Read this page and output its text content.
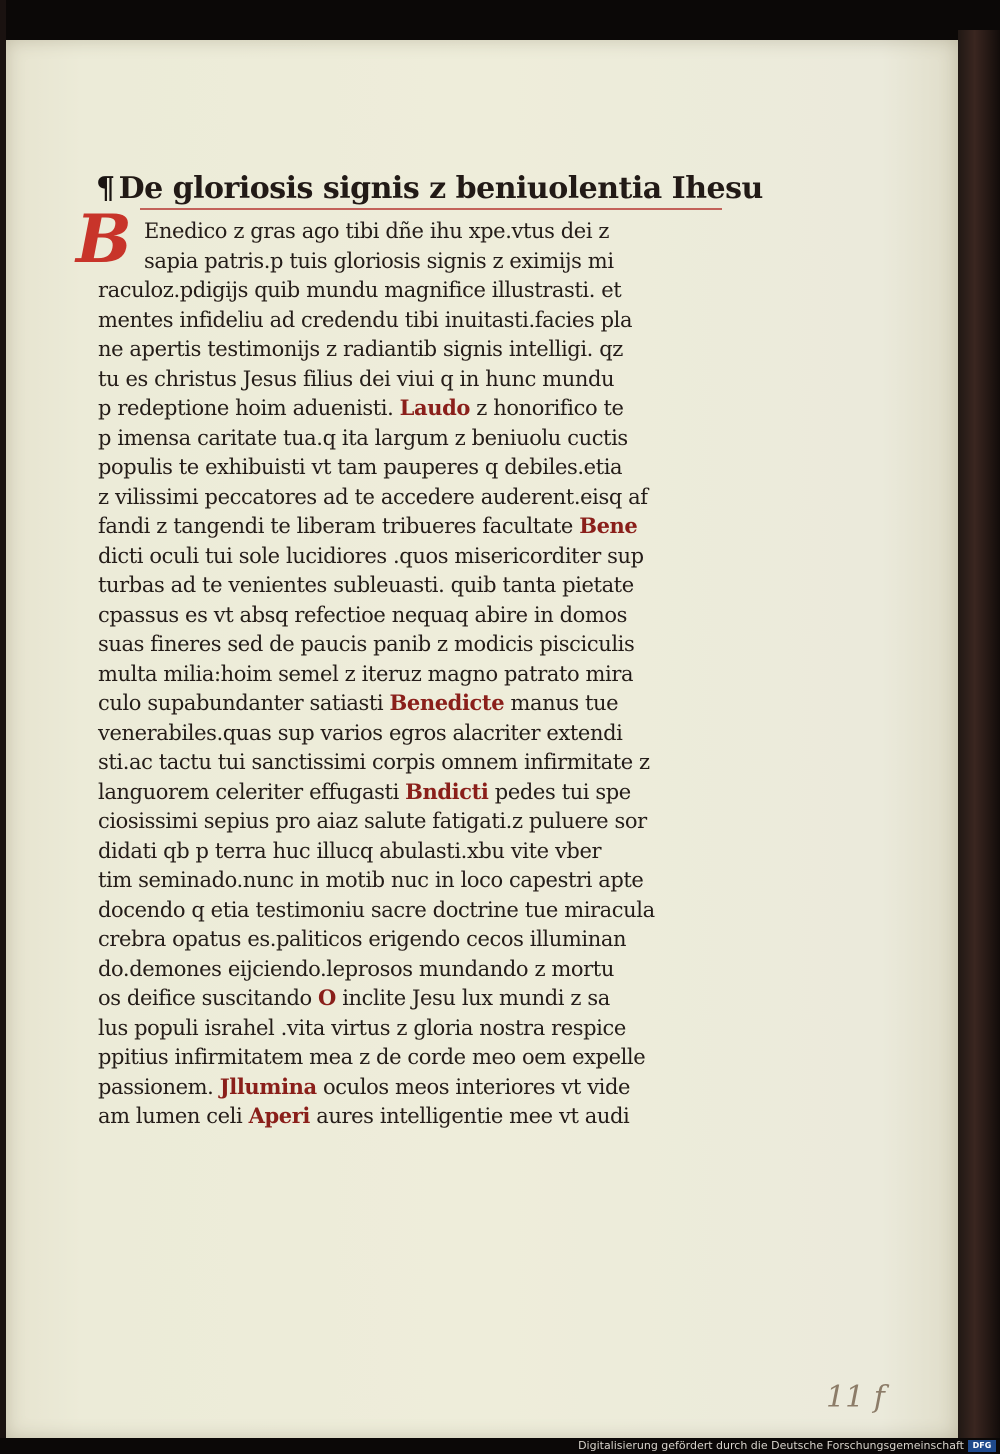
¶ De gloriosis signis z beniuolentia Ihesu
B Enedico z gras ago tibi dñe ihu xpe.vtus dei z
sapia patris.p tuis gloriosis signis z eximijs mi
raculoz.pdigijs quib mundu magnifice illustrasti. et
mentes infideliu ad credendu tibi inuitasti.facies pla
ne apertis testimonijs z radiantib signis intelligi. qz
tu es christus Jesus filius dei viui q in hunc mundu
p redeptione hoim aduenisti. Laudo z honorifico te
p imensa caritate tua.q ita largum z beniuolu cuctis
populis te exhibuisti vt tam pauperes q debiles.etia
z vilissimi peccatores ad te accedere auderent.eisq af
fandi z tangendi te liberam tribueres facultate Bene
dicti oculi tui sole lucidiores .quos misericorditer sup
turbas ad te venientes subleuasti. quib tanta pietate
cpassus es vt absq refectioe nequaq abire in domos
suas fineres sed de paucis panib z modicis pisciculis
multa milia:hoim semel z iteruz magno patrato mira
culo supabundanter satiasti Benedicte manus tue
venerabiles.quas sup varios egros alacriter extendi
sti.ac tactu tui sanctissimi corpis omnem infirmitate z
languorem celeriter effugasti Bndicti pedes tui spe
ciosissimi sepius pro aiaz salute fatigati.z puluere sor
didati qb p terra huc illucq abulasti.xbu vite vber
tim seminado.nunc in motib nuc in loco capestri apte
docendo q etia testimoniu sacre doctrine tue miracula
crebra opatus es.paliticos erigendo cecos illuminan
do.demones eijciendo.leprosos mundando z mortu
os deifice suscitando O inclite Jesu lux mundi z sa
lus populi israhel .vita virtus z gloria nostra respice
ppitius infirmitatem mea z de corde meo oem expelle
passionem. Jllumina oculos meos interiores vt vide
am lumen celi Aperi aures intelligentie mee vt audi
11 f
Digitalisierung gefördert durch die Deutsche Forschungsgemeinschaft	DFG
